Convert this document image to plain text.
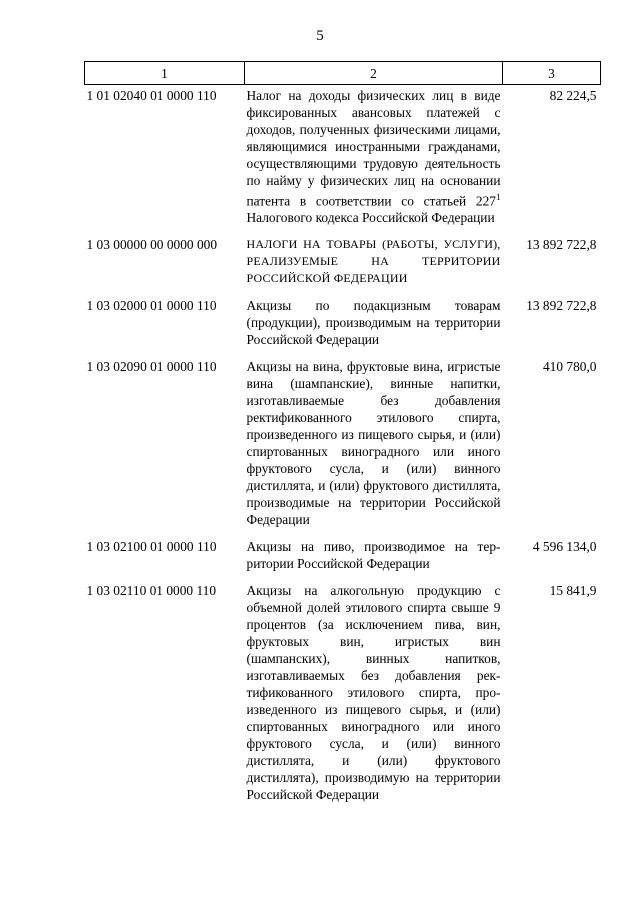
5
1	2	3
1 01 02040 01 0000 110	Налог на доходы физических лиц в виде фиксированных авансовых платежей с доходов, полученных физическими лицами, являющимися иностранными гражданами, осуществляющими трудовую деятельность по найму у физических лиц на основании патента в соответствии со статьей $227^1$ Налогового кодекса Российской Федерации	82 224,5
1 03 00000 00 0000 000	НАЛОГИ НА ТОВАРЫ (РАБОТЫ, УСЛУГИ), РЕАЛИЗУЕМЫЕ НА ТЕРРИТОРИИ РОССИЙСКОЙ ФЕДЕРАЦИИ	13 892 722,8
1 03 02000 01 0000 110	Акцизы по подакцизным товарам (продукции), производимым на территории Российской Федерации	13 892 722,8
1 03 02090 01 0000 110	Акцизы на вина, фруктовые вина, игристые вина (шампанские), винные напитки, изготавливаемые без добавления ректификованного этилового спирта, произведенного из пищевого сырья, и (или) спиртованных виноградного или иного фруктового сусла, и (или) винного дистиллята, и (или) фруктового дистиллята, производимые на территории Российской Федерации	410 780,0
1 03 02100 01 0000 110	Акцизы на пиво, производимое на территории Российской Федерации	4 596 134,0
1 03 02110 01 0000 110	Акцизы на алкогольную продукцию с объемной долей этилового спирта свыше 9 процентов (за исключением пива, вин, фруктовых вин, игристых вин (шампанских), винных напитков, изготавливаемых без добавления ректификованного этилового спирта, произведенного из пищевого сырья, и (или) спиртованных виноградного или иного фруктового сусла, и (или) винного дистиллята, и (или) фруктового дистиллята), производимую на территории Российской Федерации	15 841,9
